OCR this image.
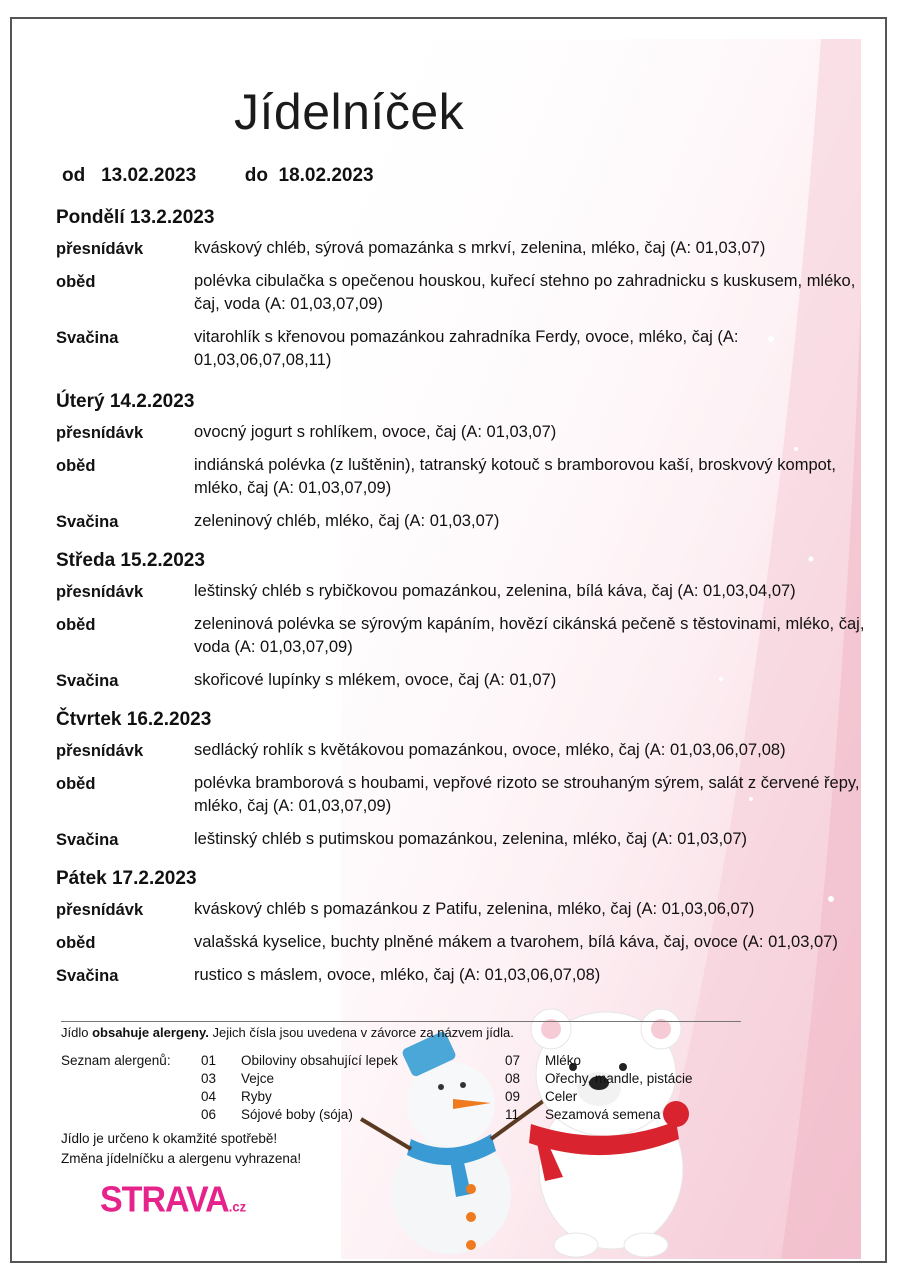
Jídelníček
od 13.02.2023	do 18.02.2023
Pondělí 13.2.2023
přesnídávk	kváskový chléb, sýrová pomazánka s mrkví, zelenina, mléko, čaj (A: 01,03,07)
oběd	polévka cibulačka s opečenou houskou, kuřecí stehno po zahradnicku s kuskusem, mléko, čaj, voda (A: 01,03,07,09)
Svačina	vitarohlík s křenovou pomazánkou zahradníka Ferdy, ovoce, mléko, čaj (A: 01,03,06,07,08,11)
Úterý 14.2.2023
přesnídávk	ovocný jogurt s rohlíkem, ovoce, čaj (A: 01,03,07)
oběd	indiánská polévka (z luštěnin), tatranský kotouč s bramborovou kaší, broskvový kompot, mléko, čaj (A: 01,03,07,09)
Svačina	zeleninový chléb, mléko, čaj (A: 01,03,07)
Středa 15.2.2023
přesnídávk	leštinský chléb s rybičkovou pomazánkou, zelenina, bílá káva, čaj (A: 01,03,04,07)
oběd	zeleninová polévka se sýrovým kapáním, hovězí cikánská pečeně s těstovinami, mléko, čaj, voda (A: 01,03,07,09)
Svačina	skořicové lupínky s mlékem, ovoce, čaj (A: 01,07)
Čtvrtek 16.2.2023
přesnídávk	sedlácký rohlík s květákovou pomazánkou, ovoce, mléko, čaj (A: 01,03,06,07,08)
oběd	polévka bramborová s houbami, vepřové rizoto se strouhaným sýrem, salát z červené řepy, mléko, čaj (A: 01,03,07,09)
Svačina	leštinský chléb s putimskou pomazánkou, zelenina, mléko, čaj (A: 01,03,07)
Pátek 17.2.2023
přesnídávk	kváskový chléb s pomazánkou z Patifu, zelenina, mléko, čaj (A: 01,03,06,07)
oběd	valašská kyselice, buchty plněné mákem a tvarohem, bílá káva, čaj, ovoce (A: 01,03,07)
Svačina	rustico s máslem, ovoce, mléko, čaj (A: 01,03,06,07,08)
Jídlo obsahuje alergeny. Jejich čísla jsou uvedena v závorce za názvem jídla.
Seznam alergenů: 01 Obiloviny obsahující lepek
03 Vejce
04 Ryby
06 Sójové boby (sója)
07 Mléko
08 Ořechy, mandle, pistácie
09 Celer
11 Sezamová semena
Jídlo je určeno k okamžité spotřebě!
Změna jídelníčku a alergenu vyhrazena!
STRAVA.cz
